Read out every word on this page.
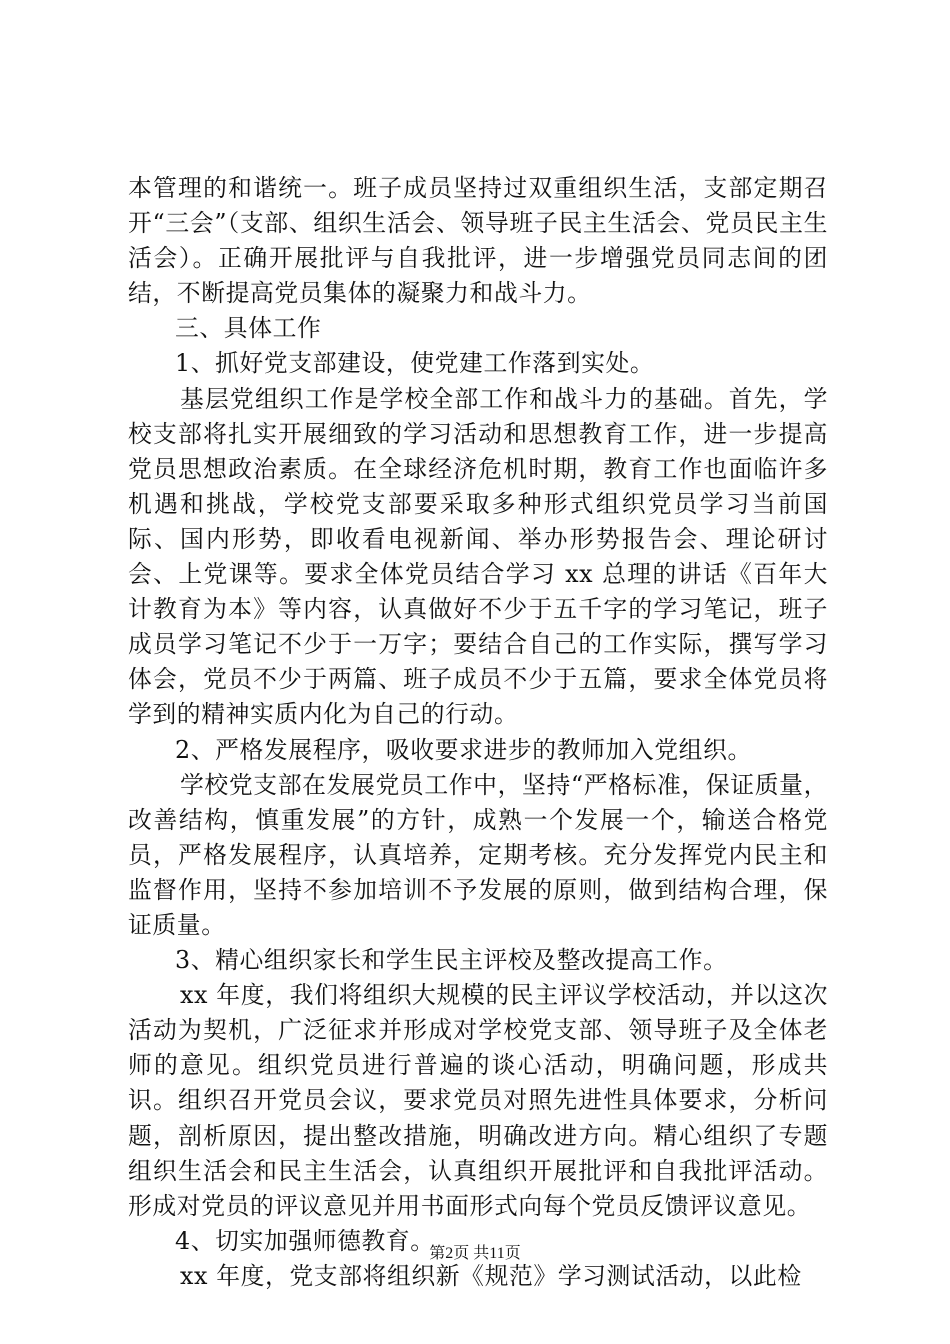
本管理的和谐统一。班子成员坚持过双重组织生活，支部定期召开“三会”（支部、组织生活会、领导班子民主生活会、党员民主生活会）。正确开展批评与自我批评，进一步增强党员同志间的团结，不断提高党员集体的凝聚力和战斗力。

三、具体工作

1、抓好党支部建设，使党建工作落到实处。

基层党组织工作是学校全部工作和战斗力的基础。首先，学校支部将扎实开展细致的学习活动和思想教育工作，进一步提高党员思想政治素质。在全球经济危机时期，教育工作也面临许多机遇和挑战，学校党支部要采取多种形式组织党员学习当前国际、国内形势，即收看电视新闻、举办形势报告会、理论研讨会、上党课等。要求全体党员结合学习 xx 总理的讲话《百年大计教育为本》等内容，认真做好不少于五千字的学习笔记，班子成员学习笔记不少于一万字；要结合自己的工作实际，撰写学习体会，党员不少于两篇、班子成员不少于五篇，要求全体党员将学到的精神实质内化为自己的行动。

2、严格发展程序，吸收要求进步的教师加入党组织。

学校党支部在发展党员工作中，坚持“严格标准，保证质量，改善结构，慎重发展”的方针，成熟一个发展一个，输送合格党员，严格发展程序，认真培养，定期考核。充分发挥党内民主和监督作用，坚持不参加培训不予发展的原则，做到结构合理，保证质量。

3、精心组织家长和学生民主评校及整改提高工作。

xx 年度，我们将组织大规模的民主评议学校活动，并以这次活动为契机，广泛征求并形成对学校党支部、领导班子及全体老师的意见。组织党员进行普遍的谈心活动，明确问题，形成共识。组织召开党员会议，要求党员对照先进性具体要求，分析问题，剖析原因，提出整改措施，明确改进方向。精心组织了专题组织生活会和民主生活会，认真组织开展批评和自我批评活动。形成对党员的评议意见并用书面形式向每个党员反馈评议意见。

4、切实加强师德教育。

xx 年度，党支部将组织新《规范》学习测试活动，以此检

第2页 共11页
